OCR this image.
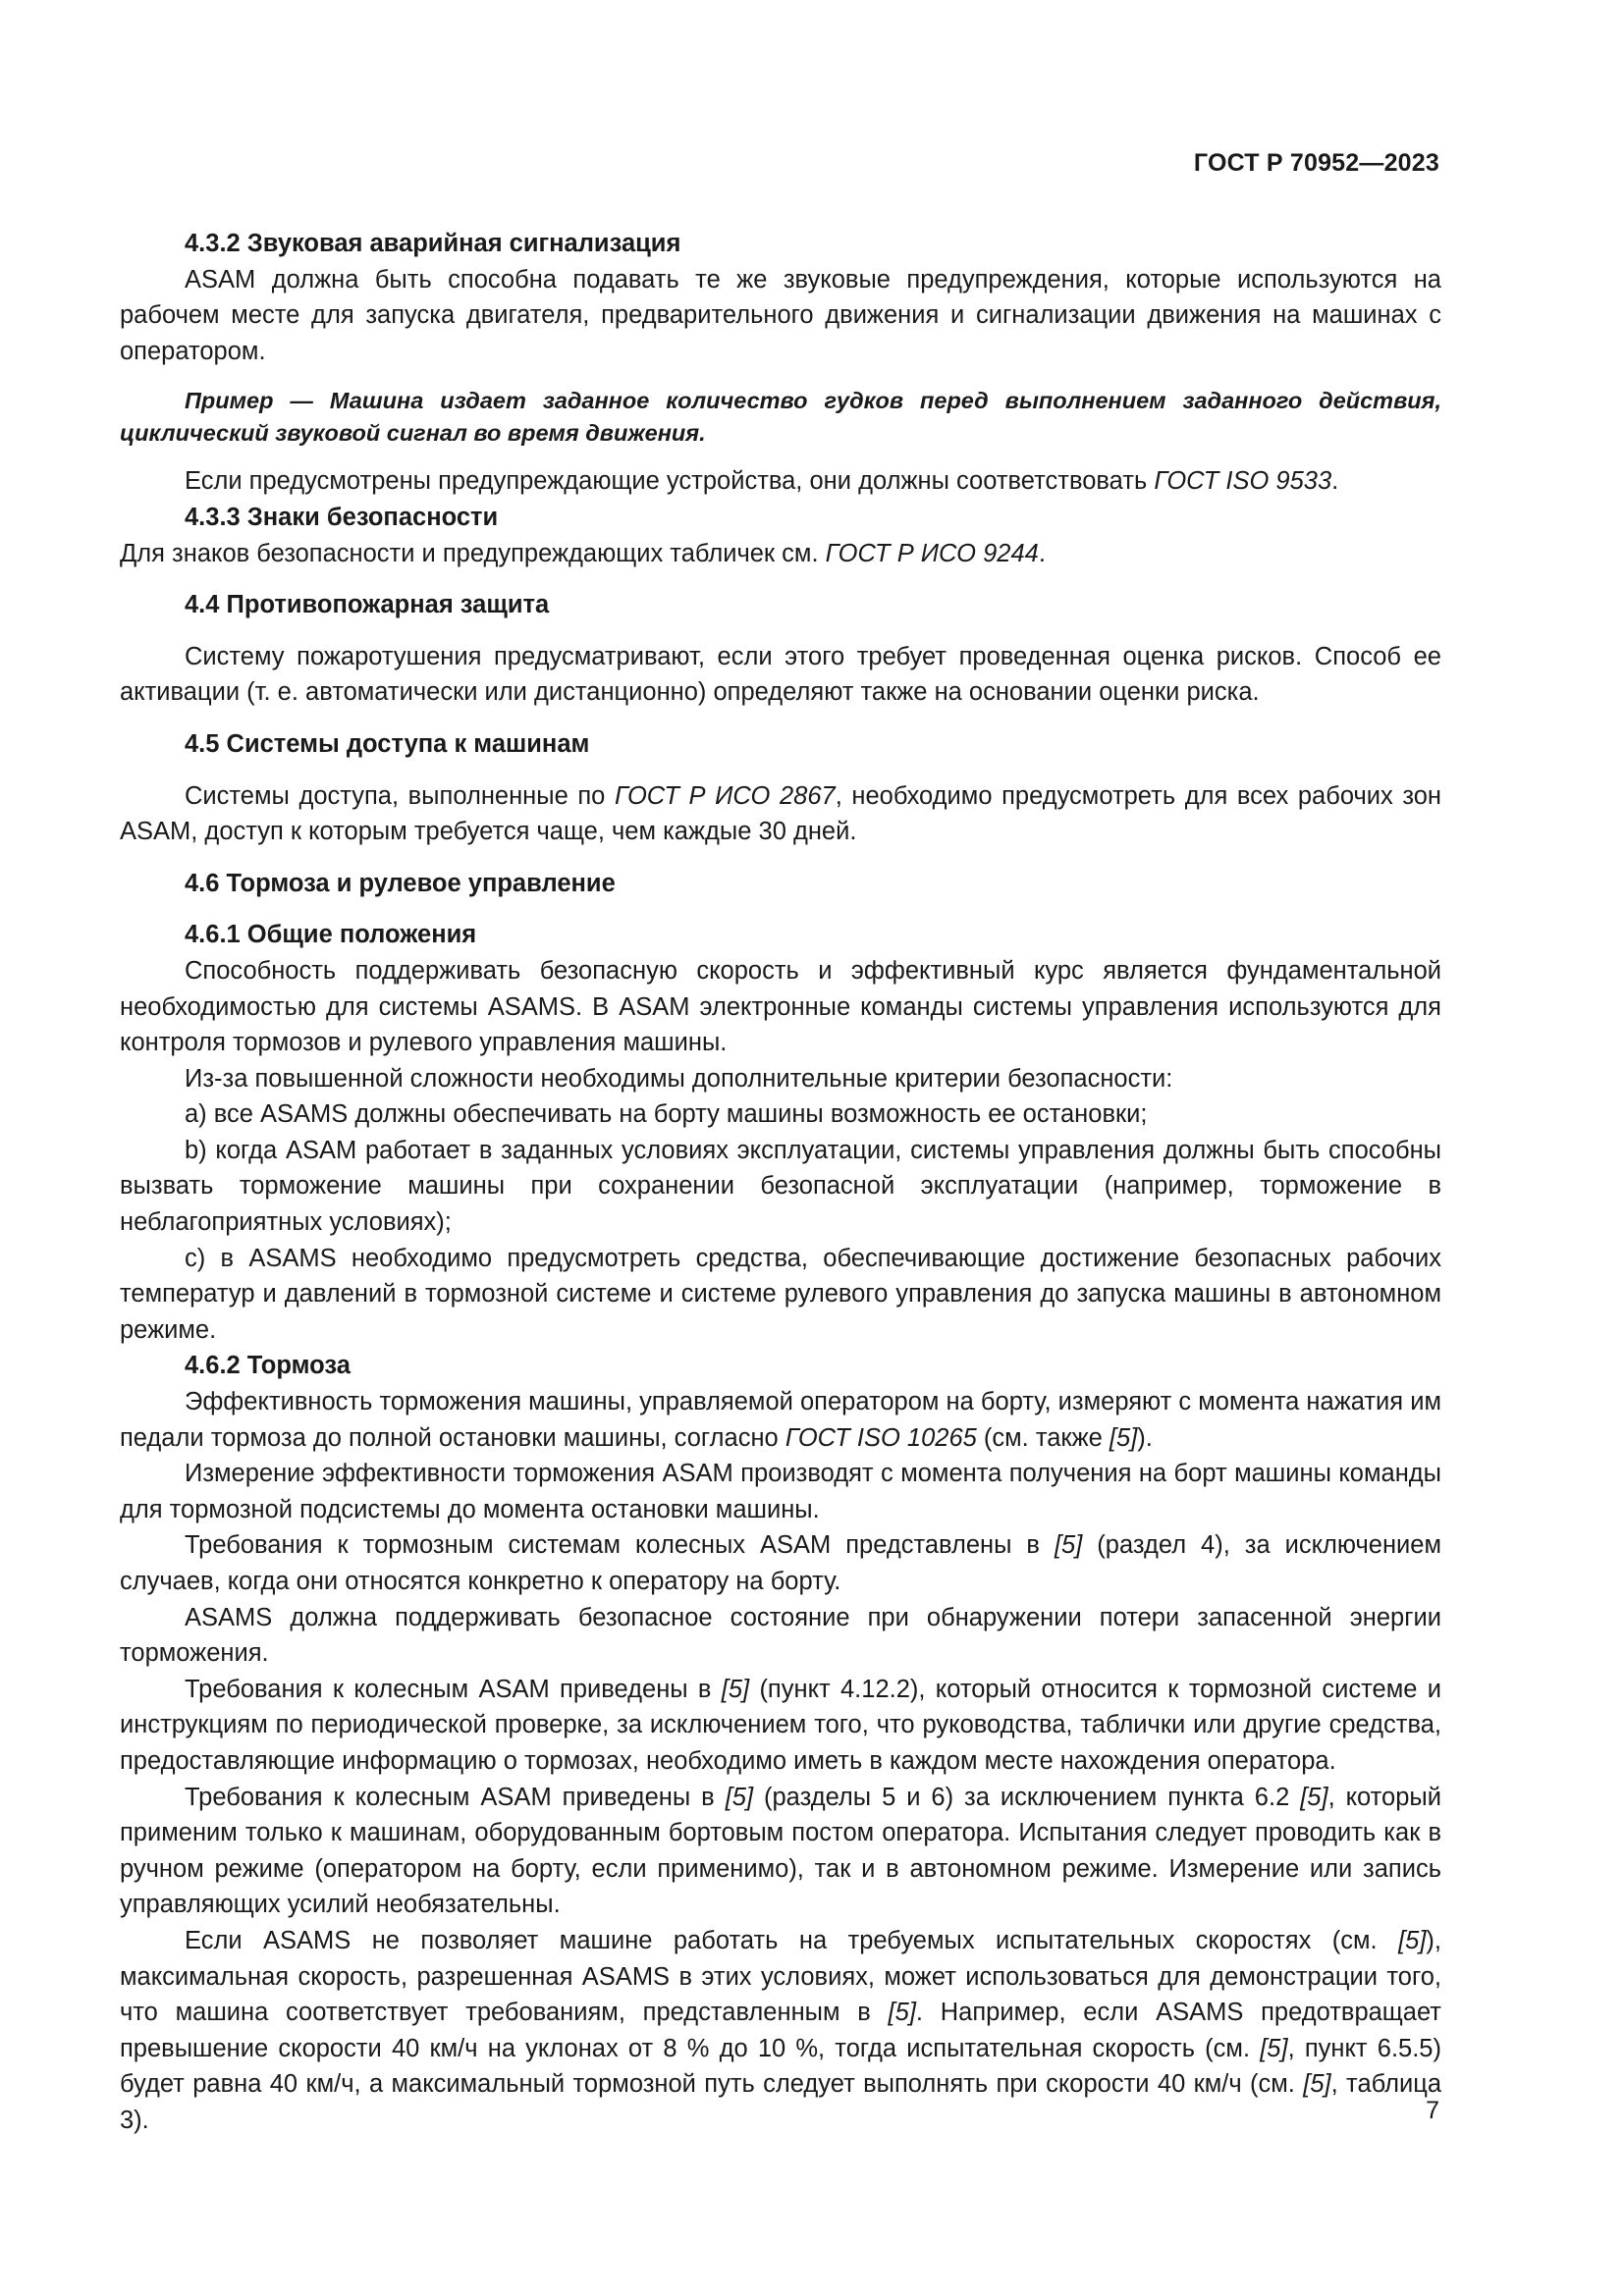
ГОСТ Р 70952—2023

4.3.2 Звуковая аварийная сигнализация

ASAM должна быть способна подавать те же звуковые предупреждения, которые используются на рабочем месте для запуска двигателя, предварительного движения и сигнализации движения на машинах с оператором.

Пример — Машина издает заданное количество гудков перед выполнением заданного действия, циклический звуковой сигнал во время движения.

Если предусмотрены предупреждающие устройства, они должны соответствовать ГОСТ ISO 9533.

4.3.3 Знаки безопасности

Для знаков безопасности и предупреждающих табличек см. ГОСТ Р ИСО 9244.

4.4 Противопожарная защита

Систему пожаротушения предусматривают, если этого требует проведенная оценка рисков. Способ ее активации (т. е. автоматически или дистанционно) определяют также на основании оценки риска.

4.5 Системы доступа к машинам

Системы доступа, выполненные по ГОСТ Р ИСО 2867, необходимо предусмотреть для всех рабочих зон ASAM, доступ к которым требуется чаще, чем каждые 30 дней.

4.6 Тормоза и рулевое управление

4.6.1 Общие положения

Способность поддерживать безопасную скорость и эффективный курс является фундаментальной необходимостью для системы ASAMS. В ASAM электронные команды системы управления используются для контроля тормозов и рулевого управления машины.

Из-за повышенной сложности необходимы дополнительные критерии безопасности:

a) все ASAMS должны обеспечивать на борту машины возможность ее остановки;

b) когда ASAM работает в заданных условиях эксплуатации, системы управления должны быть способны вызвать торможение машины при сохранении безопасной эксплуатации (например, торможение в неблагоприятных условиях);

c) в ASAMS необходимо предусмотреть средства, обеспечивающие достижение безопасных рабочих температур и давлений в тормозной системе и системе рулевого управления до запуска машины в автономном режиме.

4.6.2 Тормоза

Эффективность торможения машины, управляемой оператором на борту, измеряют с момента нажатия им педали тормоза до полной остановки машины, согласно ГОСТ ISO 10265 (см. также [5]).

Измерение эффективности торможения ASAM производят с момента получения на борт машины команды для тормозной подсистемы до момента остановки машины.

Требования к тормозным системам колесных ASAM представлены в [5] (раздел 4), за исключением случаев, когда они относятся конкретно к оператору на борту.

ASAMS должна поддерживать безопасное состояние при обнаружении потери запасенной энергии торможения.

Требования к колесным ASAM приведены в [5] (пункт 4.12.2), который относится к тормозной системе и инструкциям по периодической проверке, за исключением того, что руководства, таблички или другие средства, предоставляющие информацию о тормозах, необходимо иметь в каждом месте нахождения оператора.

Требования к колесным ASAM приведены в [5] (разделы 5 и 6) за исключением пункта 6.2 [5], который применим только к машинам, оборудованным бортовым постом оператора. Испытания следует проводить как в ручном режиме (оператором на борту, если применимо), так и в автономном режиме. Измерение или запись управляющих усилий необязательны.

Если ASAMS не позволяет машине работать на требуемых испытательных скоростях (см. [5]), максимальная скорость, разрешенная ASAMS в этих условиях, может использоваться для демонстрации того, что машина соответствует требованиям, представленным в [5]. Например, если ASAMS предотвращает превышение скорости 40 км/ч на уклонах от 8 % до 10 %, тогда испытательная скорость (см. [5], пункт 6.5.5) будет равна 40 км/ч, а максимальный тормозной путь следует выполнять при скорости 40 км/ч (см. [5], таблица 3).	7
